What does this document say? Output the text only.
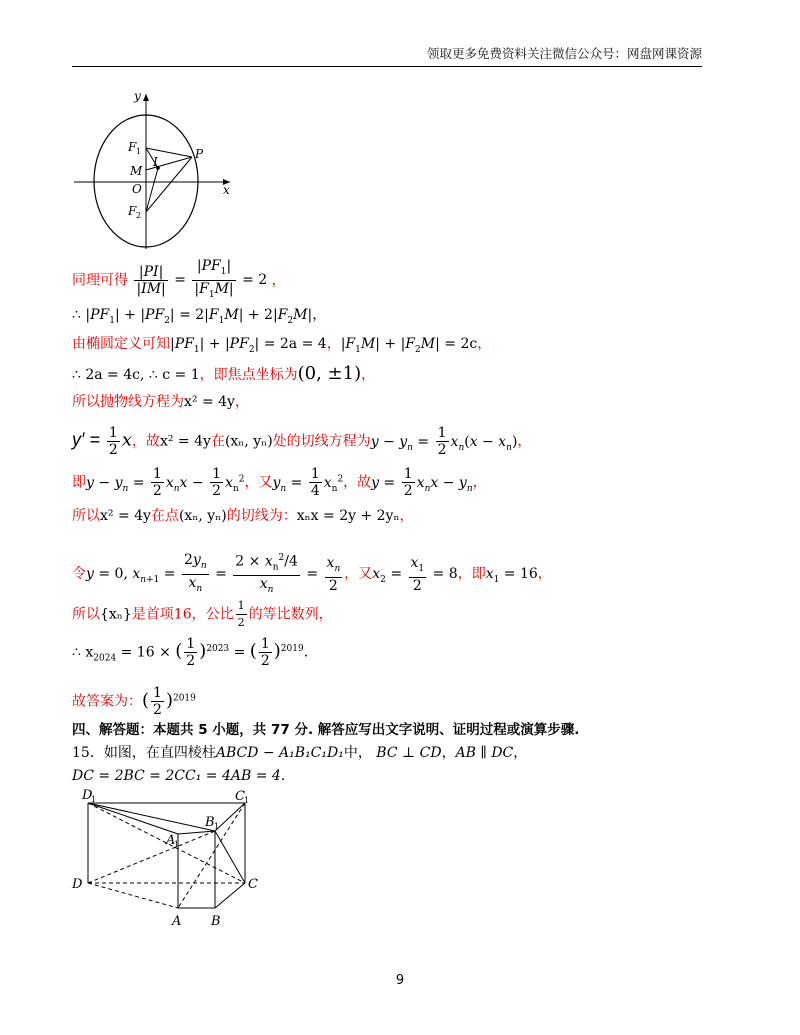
领取更多免费资料关注微信公众号：网盘网课资源
y
x
F 1
F 2
P
I
M
O
同理可得 $\frac{|PI|}{|IM|} = \frac{|PF_1|}{|F_1M|} = 2$ ，
∴ $|PF_1| + |PF_2| = 2|F_1M| + 2|F_2M|$，
由椭圆定义可知$|PF_1| + |PF_2| = 2a = 4$，$|F_1M| + |F_2M| = 2c$，
∴ 2a = 4c, ∴ c = 1，即焦点坐标为(0, ±1)，
所以抛物线方程为x² = 4y，
$y' = \frac{1}{2}$ x，故x² = 4y在(xₙ, yₙ)处的切线方程为$y - y_n = \frac{1}{2} x_n(x - x_n)$，
即$y - y_n = \frac{1}{2} x_nx - \frac{1}{2} x_n^2$，又$y_n = \frac{1}{4} x_n^2$，故$y = \frac{1}{2} x_nx - y_n$，
所以x² = 4y在点(xₙ, yₙ)的切线为：xₙx = 2y + 2yₙ，
令y = 0, $x_{n+1} = \frac{2y_n}{x_n} = \frac{2 \times x_n^2/4}{x_n} = \frac{x_n}{2}$ ，又$x_2 = \frac{x_1}{2} = 8$，即$x_1 = 16$，
所以{xₙ}是首项16，公比 $\frac{1}{2}$ 的等比数列，
∴ $x_{2024} = 16$ × ( $\frac{1}{2} )^{2023}$ = ( $\frac{1}{2} )^{2019}$.
故答案为：( $\frac{1}{2} )^{2019}$
四、解答题：本题共 5 小题，共 77 分. 解答应写出文字说明、证明过程或演算步骤.
15．如图，在直四棱柱ABCD − A₁B₁C₁D₁中， BC ⊥ CD，AB ∥ DC，
DC = 2BC = 2CC₁ = 4AB = 4.
D
1	C 1
A
1
B 1
D	C
A B
9
